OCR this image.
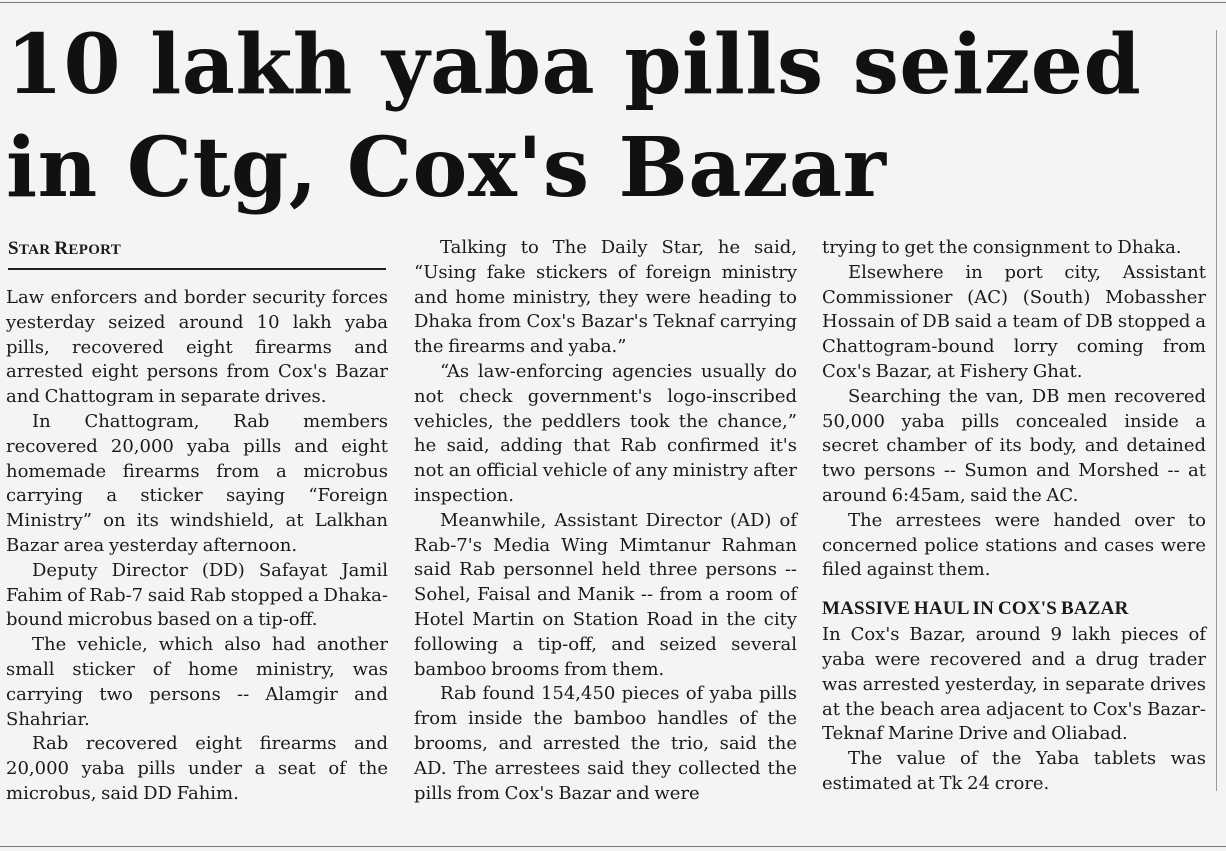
10 lakh yaba pills seized
in Ctg, Cox's Bazar
STAR REPORT

Law enforcers and border security forces yesterday seized around 10 lakh yaba pills, recovered eight firearms and arrested eight persons from Cox's Bazar and Chattogram in separate drives.

In Chattogram, Rab members recovered 20,000 yaba pills and eight homemade firearms from a microbus carrying a sticker saying “Foreign Ministry” on its windshield, at Lalkhan Bazar area yesterday afternoon.

Deputy Director (DD) Safayat Jamil Fahim of Rab-7 said Rab stopped a Dhaka-bound microbus based on a tip-off.

The vehicle, which also had another small sticker of home ministry, was carrying two persons -- Alamgir and Shahriar.

Rab recovered eight firearms and 20,000 yaba pills under a seat of the microbus, said DD Fahim.

Talking to The Daily Star, he said, “Using fake stickers of foreign ministry and home ministry, they were heading to Dhaka from Cox's Bazar's Teknaf carrying the firearms and yaba.”

“As law-enforcing agencies usually do not check government's logo-inscribed vehicles, the peddlers took the chance,” he said, adding that Rab confirmed it's not an official vehicle of any ministry after inspection.

Meanwhile, Assistant Director (AD) of Rab-7's Media Wing Mimtanur Rahman said Rab personnel held three persons -- Sohel, Faisal and Manik -- from a room of Hotel Martin on Station Road in the city following a tip-off, and seized several bamboo brooms from them.

Rab found 154,450 pieces of yaba pills from inside the bamboo handles of the brooms, and arrested the trio, said the AD. The arrestees said they collected the pills from Cox's Bazar and were

trying to get the consignment to Dhaka.

Elsewhere in port city, Assistant Commissioner (AC) (South) Mobassher Hossain of DB said a team of DB stopped a Chattogram-bound lorry coming from Cox's Bazar, at Fishery Ghat.

Searching the van, DB men recovered 50,000 yaba pills concealed inside a secret chamber of its body, and detained two persons -- Sumon and Morshed -- at around 6:45am, said the AC.

The arrestees were handed over to concerned police stations and cases were filed against them.

MASSIVE HAUL IN COX'S BAZAR

In Cox's Bazar, around 9 lakh pieces of yaba were recovered and a drug trader was arrested yesterday, in separate drives at the beach area adjacent to Cox's Bazar-Teknaf Marine Drive and Oliabad.

The value of the Yaba tablets was estimated at Tk 24 crore.
